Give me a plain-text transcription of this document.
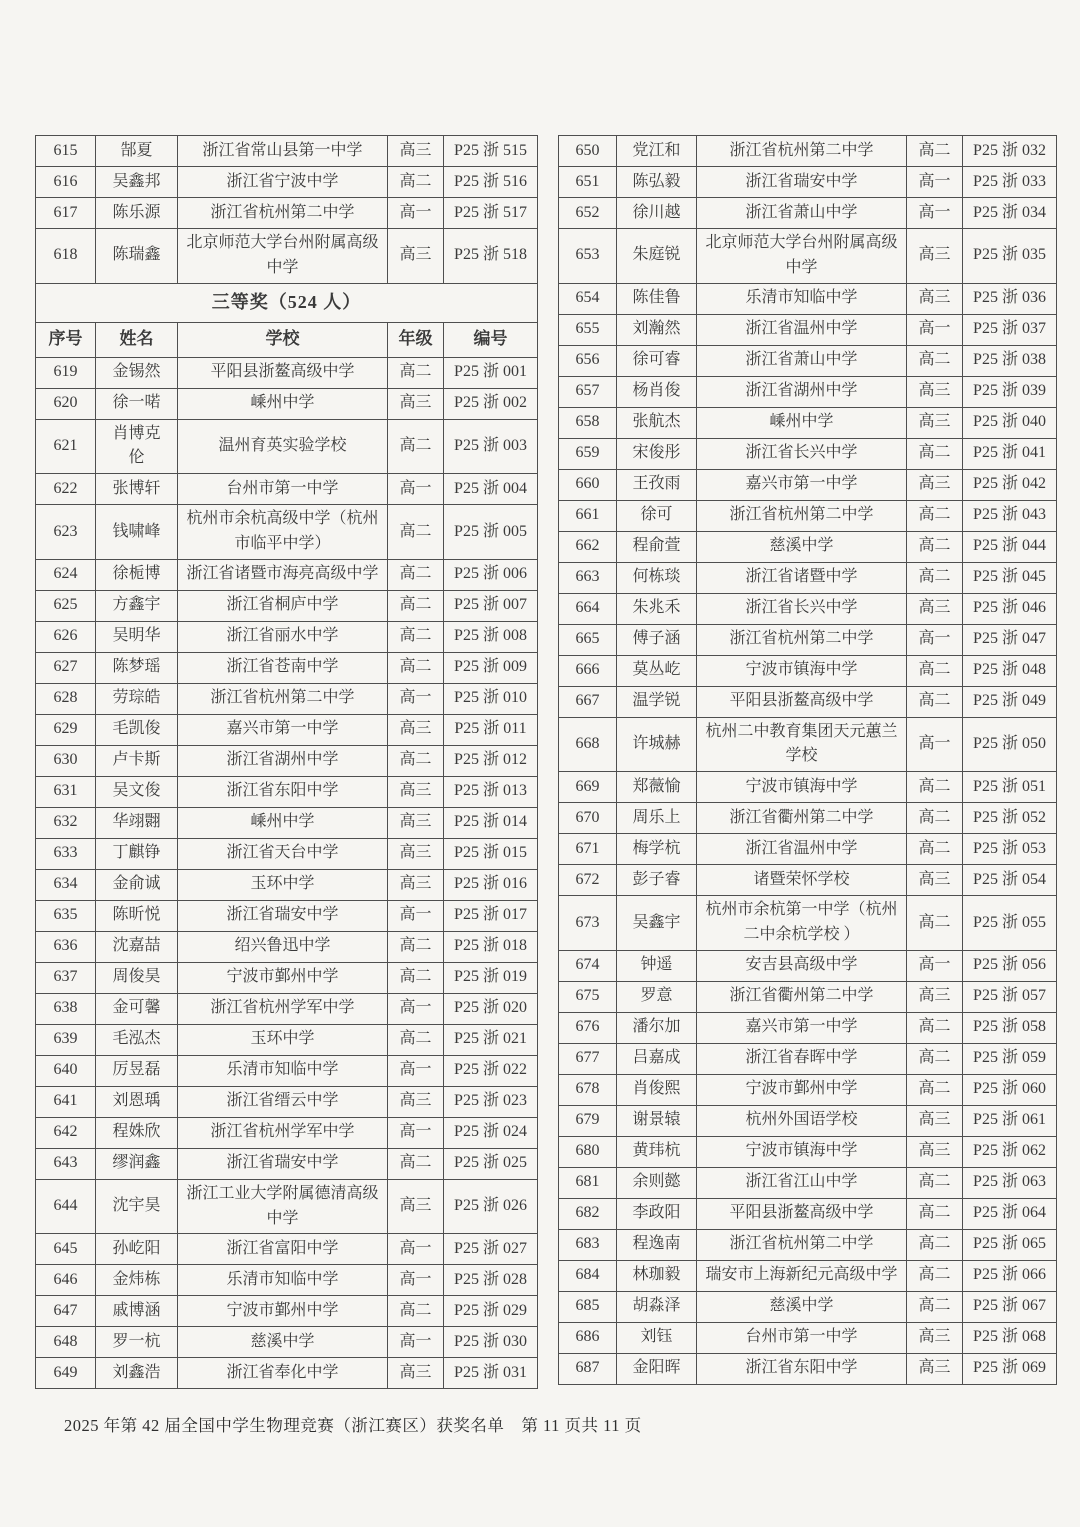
615	郜夏	浙江省常山县第一中学	高三	P25 浙 515
616	吴鑫邦	浙江省宁波中学	高二	P25 浙 516
617	陈乐源	浙江省杭州第二中学	高一	P25 浙 517
618	陈瑞鑫	北京师范大学台州附属高级中学	高三	P25 浙 518
三等奖（524 人）				
序号	姓名	学校	年级	编号
619	金锡然	平阳县浙鳌高级中学	高二	P25 浙 001
620	徐一喏	嵊州中学	高三	P25 浙 002
621	肖博克伦	温州育英实验学校	高二	P25 浙 003
622	张博轩	台州市第一中学	高一	P25 浙 004
623	钱啸峰	杭州市余杭高级中学（杭州市临平中学）	高二	P25 浙 005
624	徐栀博	浙江省诸暨市海亮高级中学	高二	P25 浙 006
625	方鑫宇	浙江省桐庐中学	高二	P25 浙 007
626	吴明华	浙江省丽水中学	高二	P25 浙 008
627	陈梦瑶	浙江省苍南中学	高二	P25 浙 009
628	劳琮皓	浙江省杭州第二中学	高一	P25 浙 010
629	毛凯俊	嘉兴市第一中学	高三	P25 浙 011
630	卢卡斯	浙江省湖州中学	高二	P25 浙 012
631	吴文俊	浙江省东阳中学	高三	P25 浙 013
632	华翊翾	嵊州中学	高三	P25 浙 014
633	丁麒铮	浙江省天台中学	高三	P25 浙 015
634	金俞诚	玉环中学	高三	P25 浙 016
635	陈昕悦	浙江省瑞安中学	高一	P25 浙 017
636	沈嘉喆	绍兴鲁迅中学	高二	P25 浙 018
637	周俊昊	宁波市鄞州中学	高二	P25 浙 019
638	金可馨	浙江省杭州学军中学	高一	P25 浙 020
639	毛泓杰	玉环中学	高二	P25 浙 021
640	厉昱磊	乐清市知临中学	高一	P25 浙 022
641	刘恩瑀	浙江省缙云中学	高三	P25 浙 023
642	程姝欣	浙江省杭州学军中学	高一	P25 浙 024
643	缪润鑫	浙江省瑞安中学	高二	P25 浙 025
644	沈宇昊	浙江工业大学附属德清高级中学	高三	P25 浙 026
645	孙屹阳	浙江省富阳中学	高一	P25 浙 027
646	金炜栋	乐清市知临中学	高一	P25 浙 028
647	戚博涵	宁波市鄞州中学	高二	P25 浙 029
648	罗一杭	慈溪中学	高一	P25 浙 030
649	刘鑫浩	浙江省奉化中学	高三	P25 浙 031
650	党江和	浙江省杭州第二中学	高二	P25 浙 032
651	陈弘毅	浙江省瑞安中学	高一	P25 浙 033
652	徐川越	浙江省萧山中学	高一	P25 浙 034
653	朱庭锐	北京师范大学台州附属高级中学	高三	P25 浙 035
654	陈佳鲁	乐清市知临中学	高三	P25 浙 036
655	刘瀚然	浙江省温州中学	高一	P25 浙 037
656	徐可睿	浙江省萧山中学	高二	P25 浙 038
657	杨肖俊	浙江省湖州中学	高三	P25 浙 039
658	张航杰	嵊州中学	高三	P25 浙 040
659	宋俊彤	浙江省长兴中学	高二	P25 浙 041
660	王孜雨	嘉兴市第一中学	高三	P25 浙 042
661	徐可	浙江省杭州第二中学	高二	P25 浙 043
662	程俞萱	慈溪中学	高二	P25 浙 044
663	何栋琰	浙江省诸暨中学	高二	P25 浙 045
664	朱兆禾	浙江省长兴中学	高三	P25 浙 046
665	傅子涵	浙江省杭州第二中学	高一	P25 浙 047
666	莫丛屹	宁波市镇海中学	高二	P25 浙 048
667	温学锐	平阳县浙鳌高级中学	高二	P25 浙 049
668	许城赫	杭州二中教育集团天元蕙兰学校	高一	P25 浙 050
669	郑薇愉	宁波市镇海中学	高二	P25 浙 051
670	周乐上	浙江省衢州第二中学	高二	P25 浙 052
671	梅学杭	浙江省温州中学	高二	P25 浙 053
672	彭子睿	诸暨荣怀学校	高三	P25 浙 054
673	吴鑫宇	杭州市余杭第一中学（杭州二中余杭学校 ）	高二	P25 浙 055
674	钟遥	安吉县高级中学	高一	P25 浙 056
675	罗意	浙江省衢州第二中学	高三	P25 浙 057
676	潘尔加	嘉兴市第一中学	高二	P25 浙 058
677	吕嘉成	浙江省春晖中学	高二	P25 浙 059
678	肖俊熙	宁波市鄞州中学	高二	P25 浙 060
679	谢景辕	杭州外国语学校	高三	P25 浙 061
680	黄玮杭	宁波市镇海中学	高三	P25 浙 062
681	余则懿	浙江省江山中学	高二	P25 浙 063
682	李政阳	平阳县浙鳌高级中学	高二	P25 浙 064
683	程逸南	浙江省杭州第二中学	高二	P25 浙 065
684	林珈毅	瑞安市上海新纪元高级中学	高二	P25 浙 066
685	胡淼泽	慈溪中学	高二	P25 浙 067
686	刘钰	台州市第一中学	高三	P25 浙 068
687	金阳晖	浙江省东阳中学	高三	P25 浙 069
2025 年第 42 届全国中学生物理竞赛（浙江赛区）获奖名单　第 11 页共 11 页
